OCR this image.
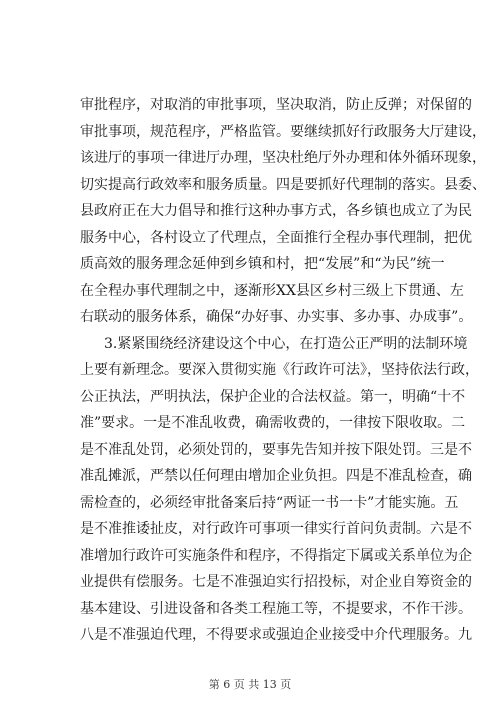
审批程序，对取消的审批事项，坚决取消，防止反弹；对保留的
审批事项，规范程序，严格监管。要继续抓好行政服务大厅建设，
该进厅的事项一律进厅办理，坚决杜绝厅外办理和体外循环现象，
切实提高行政效率和服务质量。四是要抓好代理制的落实。县委、
县政府正在大力倡导和推行这种办事方式，各乡镇也成立了为民
服务中心，各村设立了代理点，全面推行全程办事代理制，把优
质高效的服务理念延伸到乡镇和村，把“发展”和“为民”统一
在全程办事代理制之中，逐渐形XX县区乡村三级上下贯通、左
右联动的服务体系，确保“办好事、办实事、多办事、办成事”。
3.紧紧围绕经济建设这个中心，在打造公正严明的法制环境
上要有新理念。要深入贯彻实施《行政许可法》，坚持依法行政，
公正执法，严明执法，保护企业的合法权益。第一，明确“十不
准”要求。一是不准乱收费，确需收费的，一律按下限收取。二
是不准乱处罚，必须处罚的，要事先告知并按下限处罚。三是不
准乱摊派，严禁以任何理由增加企业负担。四是不准乱检查，确
需检查的，必须经审批备案后持“两证一书一卡”才能实施。五
是不准推诿扯皮，对行政许可事项一律实行首问负责制。六是不
准增加行政许可实施条件和程序，不得指定下属或关系单位为企
业提供有偿服务。七是不准强迫实行招投标，对企业自筹资金的
基本建设、引进设备和各类工程施工等，不提要求，不作干涉。
八是不准强迫代理，不得要求或强迫企业接受中介代理服务。九
第 6 页 共 13 页
